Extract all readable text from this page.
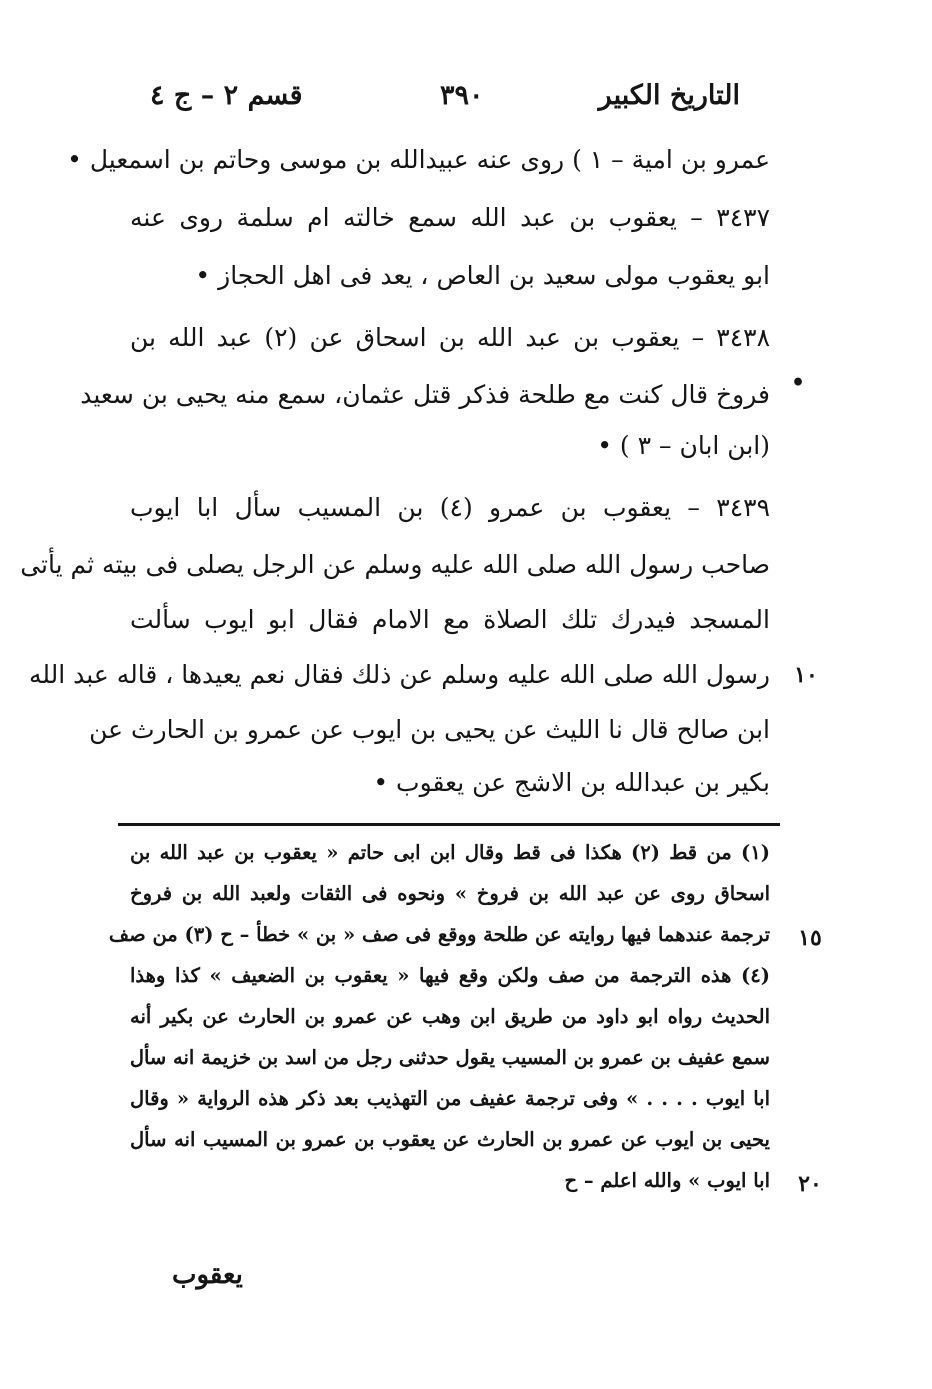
التاريخ الكبير
٣٩٠
قسم ٢ – ج ٤
عمرو بن امية – ١ ) روى عنه عبيدالله بن موسى وحاتم بن اسمعيل •
٣٤٣٧ – يعقوب بن عبد الله سمع خالته ام سلمة روى عنه
ابو يعقوب مولى سعيد بن العاص ، يعد فى اهل الحجاز •
٣٤٣٨ – يعقوب بن عبد الله بن اسحاق عن (٢) عبد الله بن
فروخ قال كنت مع طلحة فذكر قتل عثمان، سمع منه يحيى بن سعيد
(ابن ابان – ٣ ) •
٣٤٣٩ – يعقوب بن عمرو (٤) بن المسيب سأل ابا ايوب
صاحب رسول الله صلى الله عليه وسلم عن الرجل يصلى فى بيته ثم يأتى
المسجد فيدرك تلك الصلاة مع الامام فقال ابو ايوب سألت
رسول الله صلى الله عليه وسلم عن ذلك فقال نعم يعيدها ، قاله عبد الله
ابن صالح قال نا الليث عن يحيى بن ايوب عن عمرو بن الحارث عن
بكير بن عبدالله بن الاشج عن يعقوب •
•
١٠
(١) من قط (٢) هكذا فى قط وقال ابن ابى حاتم « يعقوب بن عبد الله بن
اسحاق روى عن عبد الله بن فروخ » ونحوه فى الثقات ولعبد الله بن فروخ
ترجمة عندهما فيها روايته عن طلحة ووقع فى صف « بن » خطأ – ح (٣) من صف
(٤) هذه الترجمة من صف ولكن وقع فيها « يعقوب بن الضعيف » كذا وهذا
الحديث رواه ابو داود من طريق ابن وهب عن عمرو بن الحارث عن بكير أنه
سمع عفيف بن عمرو بن المسيب يقول حدثنى رجل من اسد بن خزيمة انه سأل
ابا ايوب . . . . » وفى ترجمة عفيف من التهذيب بعد ذكر هذه الرواية « وقال
يحيى بن ايوب عن عمرو بن الحارث عن يعقوب بن عمرو بن المسيب انه سأل
ابا ايوب » والله اعلم – ح
١٥
٢٠
يعقوب
